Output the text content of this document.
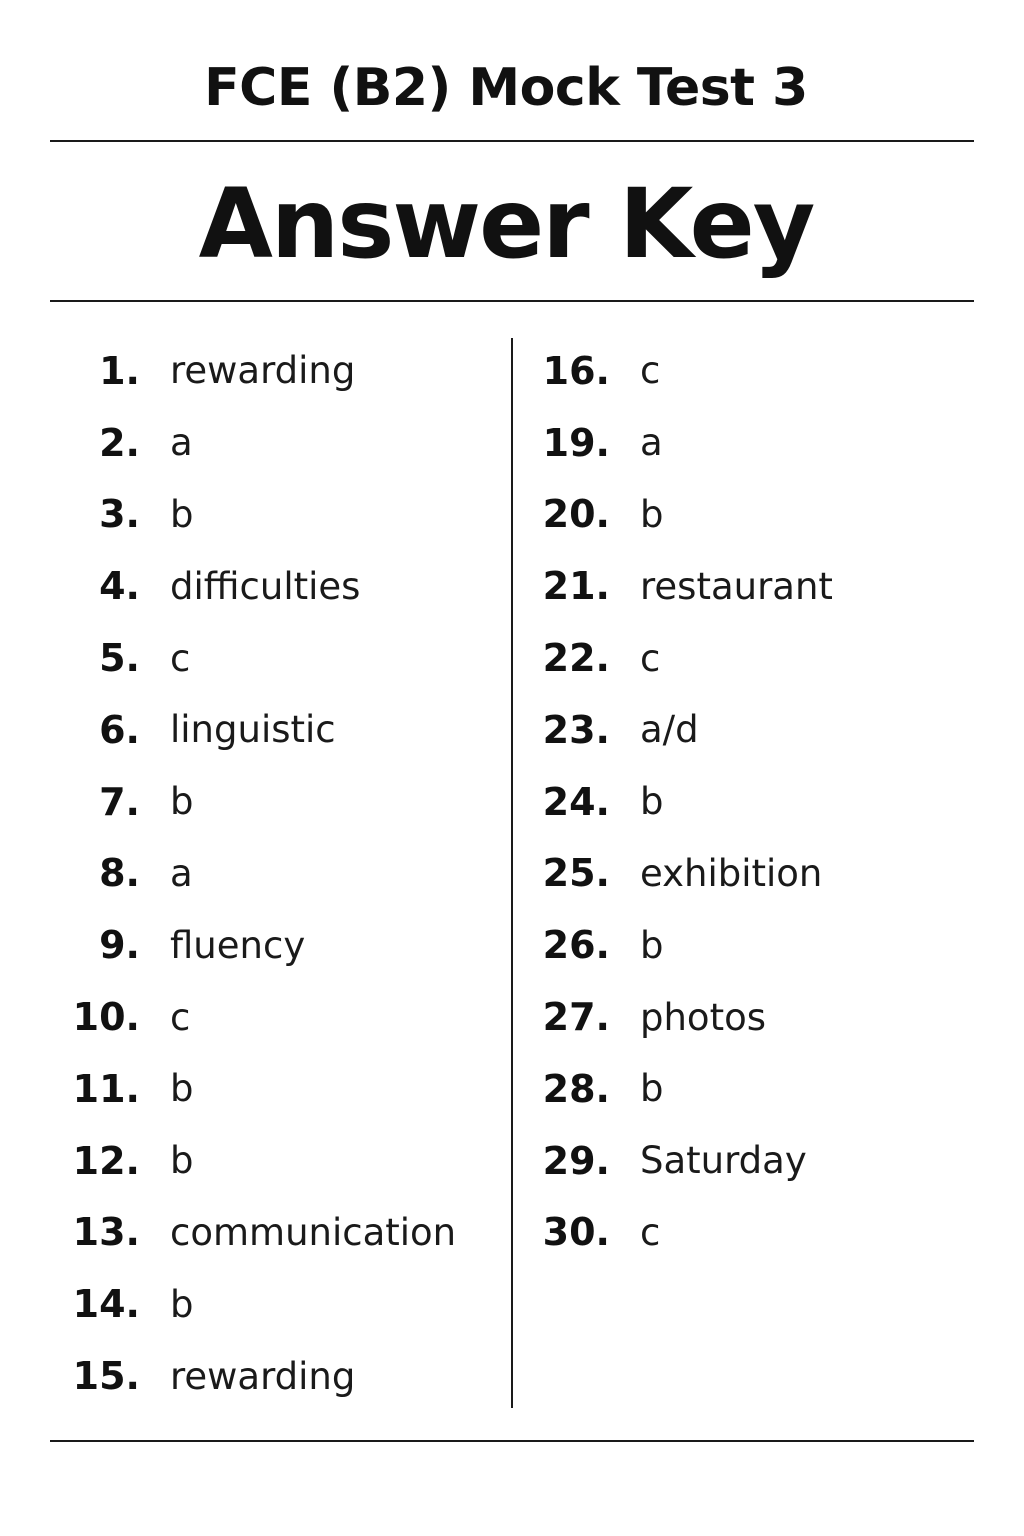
FCE (B2) Mock Test 3
Answer Key
1. rewarding
2. a
3. b
4. difficulties
5. c
6. linguistic
7. b
8. a
9. fluency
10. c
11. b
12. b
13. communication
14. b
15. rewarding
16. c
19. a
20. b
21. restaurant
22. c
23. a/d
24. b
25. exhibition
26. b
27. photos
28. b
29. Saturday
30. c
